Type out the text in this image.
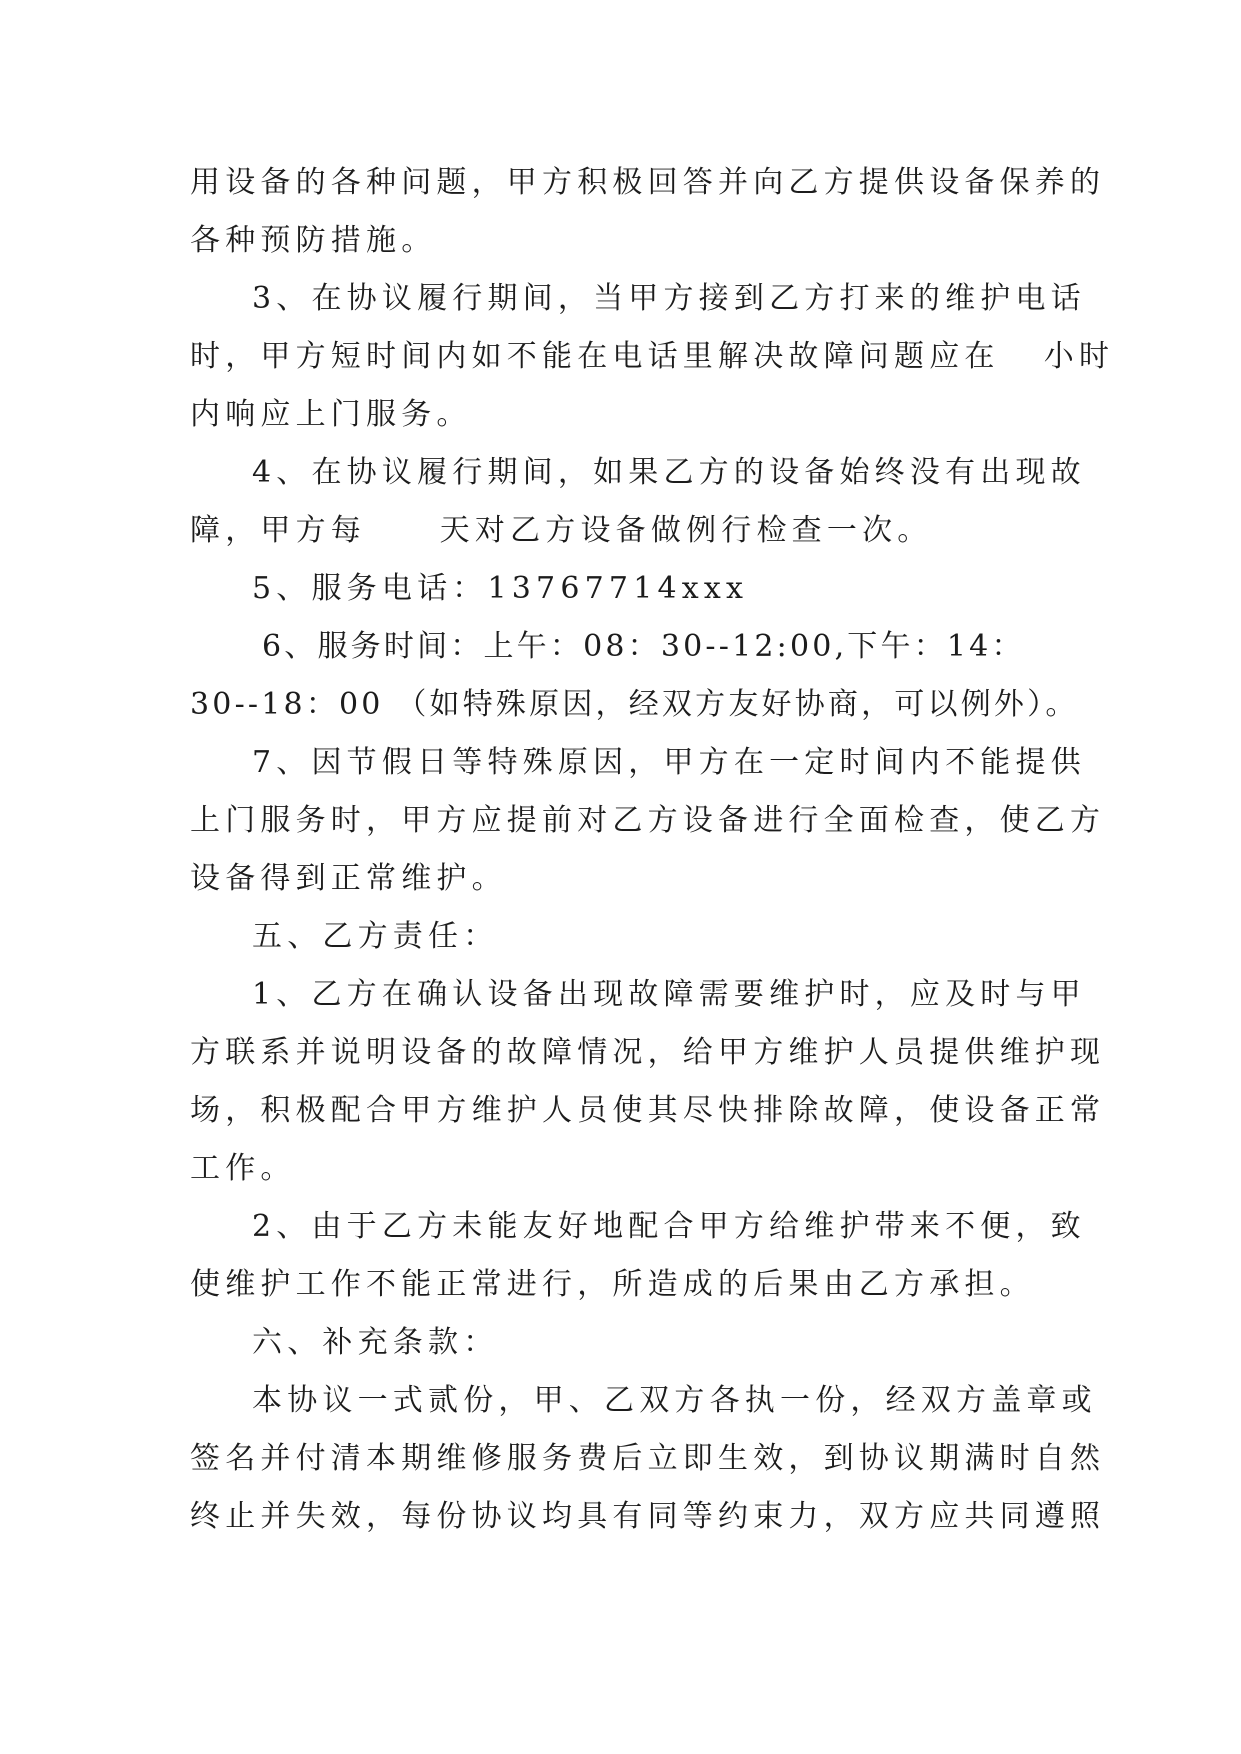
用设备的各种问题，甲方积极回答并向乙方提供设备保养的
各种预防措施。
3、在协议履行期间，当甲方接到乙方打来的维护电话
时，甲方短时间内如不能在电话里解决故障问题应在   小时
内响应上门服务。
4、在协议履行期间，如果乙方的设备始终没有出现故
障，甲方每     天对乙方设备做例行检查一次。
5、服务电话：13767714xxx
6、服务时间：上午：08：30--12:00,下午：14：
30--18：00 （如特殊原因，经双方友好协商，可以例外）。
7、因节假日等特殊原因，甲方在一定时间内不能提供
上门服务时，甲方应提前对乙方设备进行全面检查，使乙方
设备得到正常维护。
五、乙方责任：
1、乙方在确认设备出现故障需要维护时，应及时与甲
方联系并说明设备的故障情况，给甲方维护人员提供维护现
场，积极配合甲方维护人员使其尽快排除故障，使设备正常
工作。
2、由于乙方未能友好地配合甲方给维护带来不便，致
使维护工作不能正常进行，所造成的后果由乙方承担。
六、补充条款：
本协议一式贰份，甲、乙双方各执一份，经双方盖章或
签名并付清本期维修服务费后立即生效，到协议期满时自然
终止并失效，每份协议均具有同等约束力，双方应共同遵照
